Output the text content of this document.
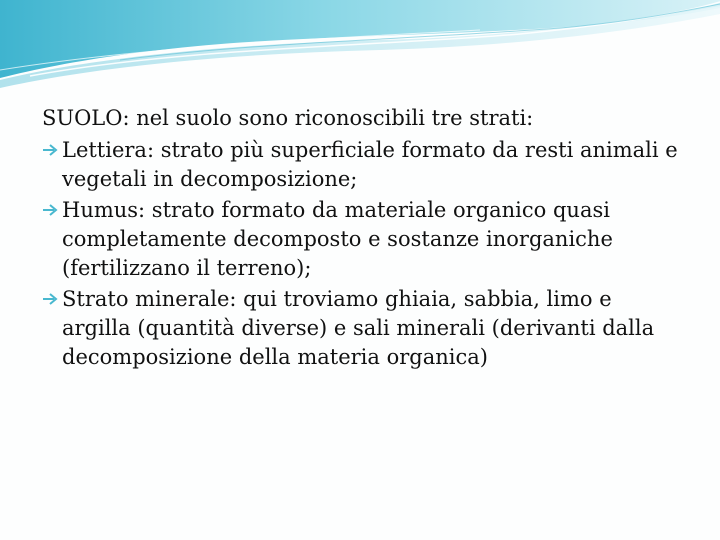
SUOLO: nel suolo sono riconoscibili tre strati:

Lettiera: strato più superficiale formato da resti animali e vegetali in decomposizione;
Humus: strato formato da materiale organico quasi completamente decomposto e sostanze inorganiche (fertilizzano il terreno);
Strato minerale: qui troviamo ghiaia, sabbia, limo e argilla (quantità diverse) e sali minerali (derivanti dalla decomposizione della materia organica)
